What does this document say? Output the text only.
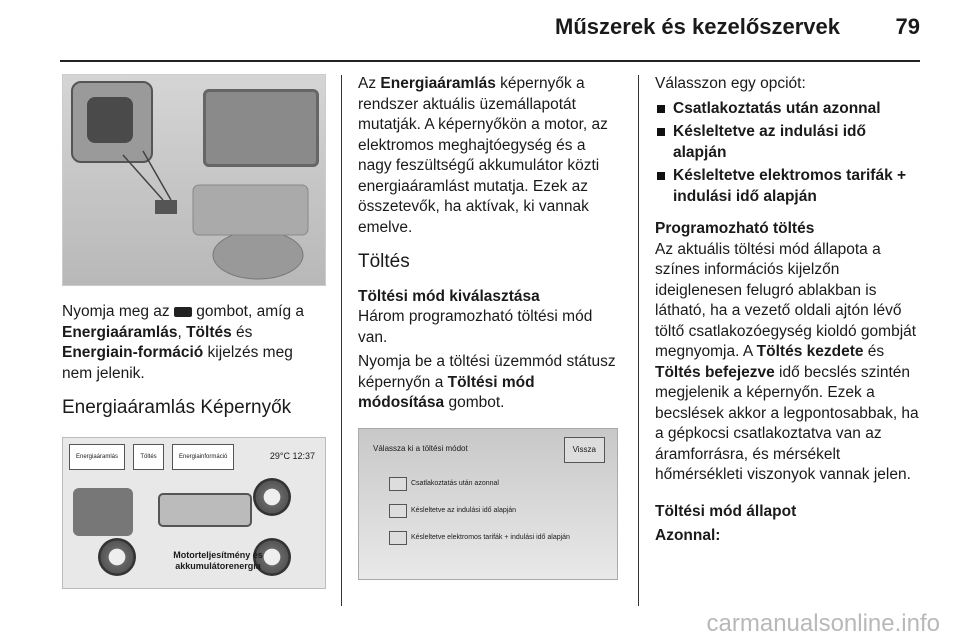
Műszerek és kezelőszervek	79

Nyomja meg az  gombot, amíg a Energiaáramlás, Töltés és Energiain-formáció kijelzés meg nem jelenik.

Energiaáramlás Képernyők
Energiaáramlás	Töltés	Energiainformáció	29°C 12:37
Motorteljesítmény és akkumulátorenergia

Az Energiaáramlás képernyők a rendszer aktuális üzemállapotát mutatják. A képernyőkön a motor, az elektromos meghajtóegység és a nagy feszültségű akkumulátor közti energiaáramlást mutatja. Ezek az összetevők, ha aktívak, ki vannak emelve.

Töltés
Töltési mód kiválasztása

Három programozható töltési mód van.

Nyomja be a töltési üzemmód státusz képernyőn a Töltési mód módosítása gombot.

Válassza ki a töltési módot	Vissza
Csatlakoztatás után azonnal
Késleltetve az indulási idő alapján
Késleltetve elektromos tarifák + indulási idő alapján

Válasszon egy opciót:

Csatlakoztatás után azonnal
Késleltetve az indulási idő alapján
Késleltetve elektromos tarifák + indulási idő alapján
Programozható töltés

Az aktuális töltési mód állapota a színes információs kijelzőn ideiglenesen felugró ablakban is látható, ha a vezető oldali ajtón lévő töltő csatlakozóegység kioldó gombját megnyomja. A Töltés kezdete és Töltés befejezve idő becslés szintén megjelenik a képernyőn. Ezek a becslések akkor a legpontosabbak, ha a gépkocsi csatlakoztatva van az áramforrásra, és mérsékelt hőmérsékleti viszonyok vannak jelen.

Töltési mód állapot
Azonnal:
carmanualsonline.info
